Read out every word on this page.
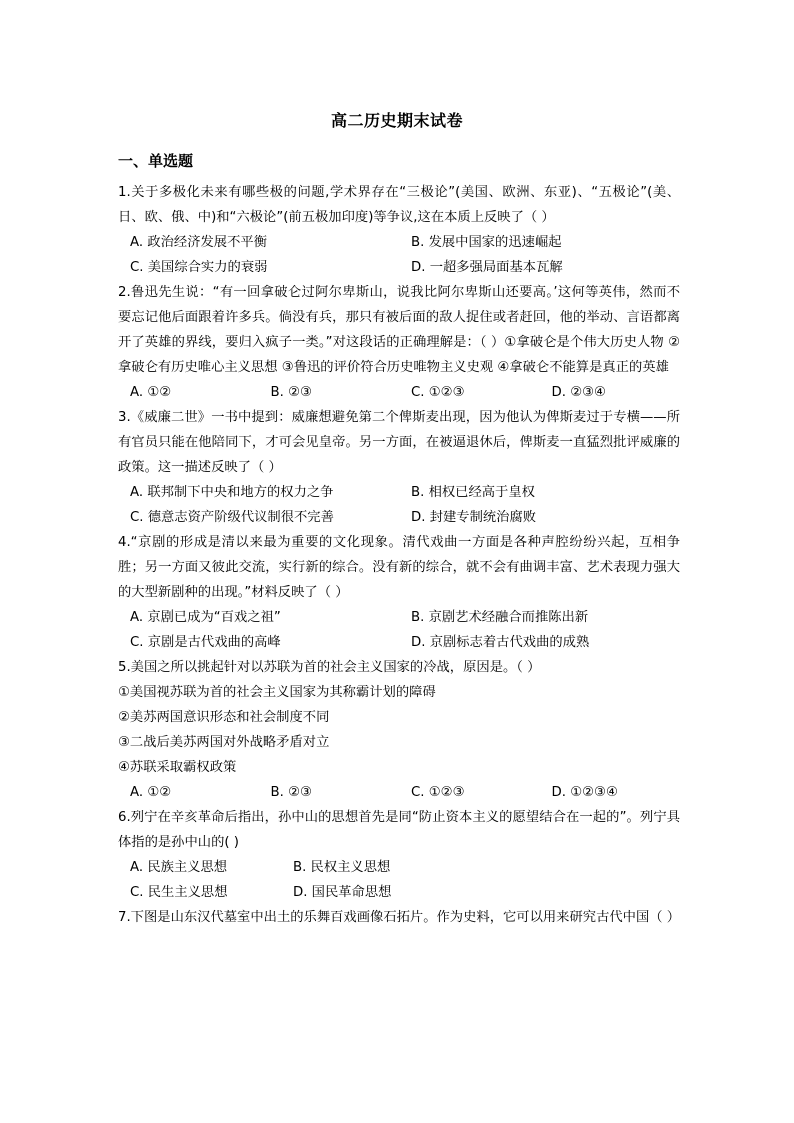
高二历史期末试卷
一、单选题

1.关于多极化未来有哪些极的问题,学术界存在“三极论”(美国、欧洲、东亚)、“五极论”(美、日、欧、俄、中)和“六极论”(前五极加印度)等争议,这在本质上反映了（ ）

A. 政治经济发展不平衡	B. 发展中国家的迅速崛起
C. 美国综合实力的衰弱	D. 一超多强局面基本瓦解

2.鲁迅先生说：“有一回拿破仑过阿尔卑斯山，说我比阿尔卑斯山还要高。’这何等英伟，然而不要忘记他后面跟着许多兵。倘没有兵，那只有被后面的敌人捉住或者赶回，他的举动、言语都离开了英雄的界线，要归入疯子一类。”对这段话的正确理解是：（ ）①拿破仑是个伟大历史人物 ②拿破仑有历史唯心主义思想 ③鲁迅的评价符合历史唯物主义史观 ④拿破仑不能算是真正的英雄

A. ①②	B. ②③	C. ①②③	D. ②③④

3.《威廉二世》一书中提到：威廉想避免第二个俾斯麦出现，因为他认为俾斯麦过于专横——所有官员只能在他陪同下，才可会见皇帝。另一方面，在被逼退休后，俾斯麦一直猛烈批评威廉的政策。这一描述反映了（ ）

A. 联邦制下中央和地方的权力之争	B. 相权已经高于皇权
C. 德意志资产阶级代议制很不完善	D. 封建专制统治腐败

4.“京剧的形成是清以来最为重要的文化现象。清代戏曲一方面是各种声腔纷纷兴起，互相争胜；另一方面又彼此交流，实行新的综合。没有新的综合，就不会有曲调丰富、艺术表现力强大的大型新剧种的出现。”材料反映了（ ）

A. 京剧已成为“百戏之祖”	B. 京剧艺术经融合而推陈出新
C. 京剧是古代戏曲的高峰	D. 京剧标志着古代戏曲的成熟

5.美国之所以挑起针对以苏联为首的社会主义国家的冷战，原因是。（ ）

①美国视苏联为首的社会主义国家为其称霸计划的障碍
②美苏两国意识形态和社会制度不同
③二战后美苏两国对外战略矛盾对立
④苏联采取霸权政策
A. ①②	B. ②③	C. ①②③	D. ①②③④

6.列宁在辛亥革命后指出，孙中山的思想首先是同“防止资本主义的愿望结合在一起的”。列宁具体指的是孙中山的( )

A. 民族主义思想	B. 民权主义思想
C. 民生主义思想	D. 国民革命思想

7.下图是山东汉代墓室中出土的乐舞百戏画像石拓片。作为史料，它可以用来研究古代中国（ ）
